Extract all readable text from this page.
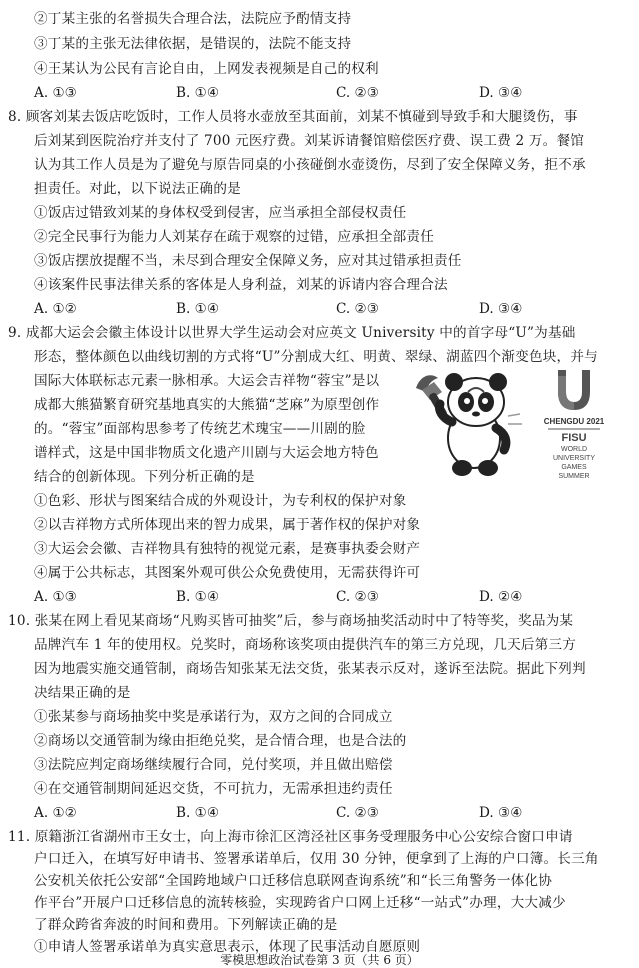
②丁某主张的名誉损失合理合法，法院应予酌情支持
③丁某的主张无法律依据，是错误的，法院不能支持
④王某认为公民有言论自由，上网发表视频是自己的权利
A. ①③	B. ①④	C. ②③	D. ③④
8. 顾客刘某去饭店吃饭时，工作人员将水壶放至其面前，刘某不慎碰到导致手和大腿烫伤，事
后刘某到医院治疗并支付了 700 元医疗费。刘某诉请餐馆赔偿医疗费、误工费 2 万。餐馆
认为其工作人员是为了避免与原告同桌的小孩碰倒水壶烫伤，尽到了安全保障义务，拒不承
担责任。对此，以下说法正确的是
①饭店过错致刘某的身体权受到侵害，应当承担全部侵权责任
②完全民事行为能力人刘某存在疏于观察的过错，应承担全部责任
③饭店摆放提醒不当，未尽到合理安全保障义务，应对其过错承担责任
④该案件民事法律关系的客体是人身利益，刘某的诉请内容合理合法
A. ①②	B. ①④	C. ②③	D. ③④
9. 成都大运会会徽主体设计以世界大学生运动会对应英文 University 中的首字母“U”为基础
形态，整体颜色以曲线切割的方式将“U”分割成大红、明黄、翠绿、湖蓝四个渐变色块，并与
国际大体联标志元素一脉相承。大运会吉祥物“蓉宝”是以
成都大熊猫繁育研究基地真实的大熊猫“芝麻”为原型创作
的。“蓉宝”面部构思参考了传统艺术瑰宝——川剧的脸
谱样式，这是中国非物质文化遗产川剧与大运会地方特色
结合的创新体现。下列分析正确的是
①色彩、形状与图案结合成的外观设计，为专利权的保护对象
②以吉祥物方式所体现出来的智力成果，属于著作权的保护对象
③大运会会徽、吉祥物具有独特的视觉元素，是赛事执委会财产
④属于公共标志，其图案外观可供公众免费使用，无需获得许可
A. ①③	B. ①④	C. ②③	D. ②④
CHENGDU 2021
FISU
WORLD
UNIVERSITY
GAMES
SUMMER
10. 张某在网上看见某商场“凡购买皆可抽奖”后，参与商场抽奖活动时中了特等奖，奖品为某
品牌汽车 1 年的使用权。兑奖时，商场称该奖项由提供汽车的第三方兑现，几天后第三方
因为地震实施交通管制，商场告知张某无法交货，张某表示反对，遂诉至法院。据此下列判
决结果正确的是
①张某参与商场抽奖中奖是承诺行为，双方之间的合同成立
②商场以交通管制为缘由拒绝兑奖，是合情合理，也是合法的
③法院应判定商场继续履行合同，兑付奖项，并且做出赔偿
④在交通管制期间延迟交货，不可抗力，无需承担违约责任
A. ①②	B. ①④	C. ②③	D. ③④
11. 原籍浙江省湖州市王女士，向上海市徐汇区湾泾社区事务受理服务中心公安综合窗口申请
户口迁入，在填写好申请书、签署承诺单后，仅用 30 分钟，便拿到了上海的户口簿。长三角
公安机关依托公安部“全国跨地域户口迁移信息联网查询系统”和“长三角警务一体化协
作平台”开展户口迁移信息的流转核验，实现跨省户口网上迁移“一站式”办理，大大减少
了群众跨省奔波的时间和费用。下列解读正确的是
①申请人签署承诺单为真实意思表示，体现了民事活动自愿原则
零模思想政治试卷第 3 页（共 6 页）
